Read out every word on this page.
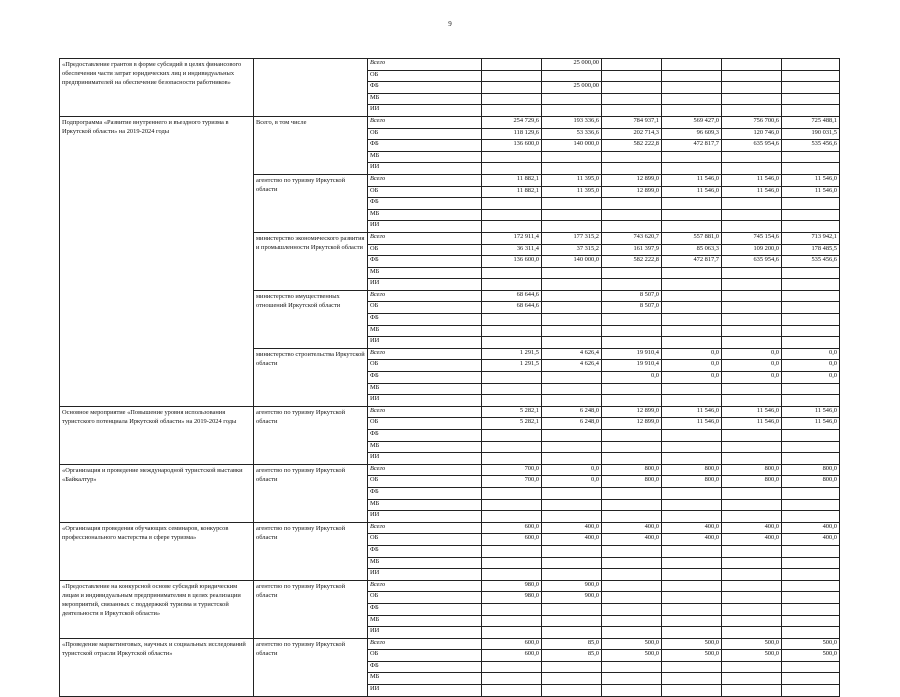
9
«Предоставление грантов в форме субсидий в целях финансового обеспечения части затрат юридических лиц и индивидуальных предпринимателей на обеспечение безопасности работников»		Всего		25 000,00				
		ОБ						
		ФБ		25 000,00				
		МБ						
		ИИ						
Подпрограмма «Развитие внутреннего и въездного туризма в Иркутской области» на 2019-2024 годы	Всего, в том числе	Всего	254 729,6	193 336,6	784 937,1	569 427,0	756 700,6	725 488,1
		ОБ	118 129,6	53 336,6	202 714,3	96 609,3	120 746,0	190 031,5
		ФБ	136 600,0	140 000,0	582 222,8	472 817,7	635 954,6	535 456,6
		МБ						
		ИИ						
	агентство по туризму Иркутской области	Всего	11 882,1	11 395,0	12 899,0	11 546,0	11 546,0	11 546,0
		ОБ	11 882,1	11 395,0	12 899,0	11 546,0	11 546,0	11 546,0
		ФБ						
		МБ						
		ИИ						
	министерство экономического развития и промышленности Иркутской области	Всего	172 911,4	177 315,2	743 620,7	557 881,0	745 154,6	713 942,1
		ОБ	36 311,4	37 315,2	161 397,9	85 063,3	109 200,0	178 485,5
		ФБ	136 600,0	140 000,0	582 222,8	472 817,7	635 954,6	535 456,6
		МБ						
		ИИ						
	министерство имущественных отношений Иркутской области	Всего	68 644,6		8 507,0			
		ОБ	68 644,6		8 507,0			
		ФБ						
		МБ						
		ИИ						
	министерство строительства Иркутской области	Всего	1 291,5	4 626,4	19 910,4	0,0	0,0	0,0
		ОБ	1 291,5	4 626,4	19 910,4	0,0	0,0	0,0
		ФБ			0,0	0,0	0,0	0,0
		МБ						
		ИИ						
Основное мероприятие «Повышение уровня использования туристского потенциала Иркутской области» на 2019-2024 годы	агентство по туризму Иркутской области	Всего	5 282,1	6 248,0	12 899,0	11 546,0	11 546,0	11 546,0
		ОБ	5 282,1	6 248,0	12 899,0	11 546,0	11 546,0	11 546,0
		ФБ						
		МБ						
		ИИ						
«Организация и проведение международной туристской выставки «Байкалтур»	агентство по туризму Иркутской области	Всего	700,0	0,0	800,0	800,0	800,0	800,0
		ОБ	700,0	0,0	800,0	800,0	800,0	800,0
		ФБ						
		МБ						
		ИИ						
«Организация проведения обучающих семинаров, конкурсов профессионального мастерства в сфере туризма»	агентство по туризму Иркутской области	Всего	600,0	400,0	400,0	400,0	400,0	400,0
		ОБ	600,0	400,0	400,0	400,0	400,0	400,0
		ФБ						
		МБ						
		ИИ						
«Предоставление на конкурсной основе субсидий юридическим лицам и индивидуальным предпринимателям в целях реализации мероприятий, связанных с поддержкой туризма и туристской деятельности в Иркутской области»	агентство по туризму Иркутской области	Всего	980,0	900,0				
		ОБ	980,0	900,0				
		ФБ						
		МБ						
		ИИ						
«Проведение маркетинговых, научных и социальных исследований туристской отрасли Иркутской области»	агентство по туризму Иркутской области	Всего	600,0	85,0	500,0	500,0	500,0	500,0
		ОБ	600,0	85,0	500,0	500,0	500,0	500,0
		ФБ						
		МБ						
		ИИ						
